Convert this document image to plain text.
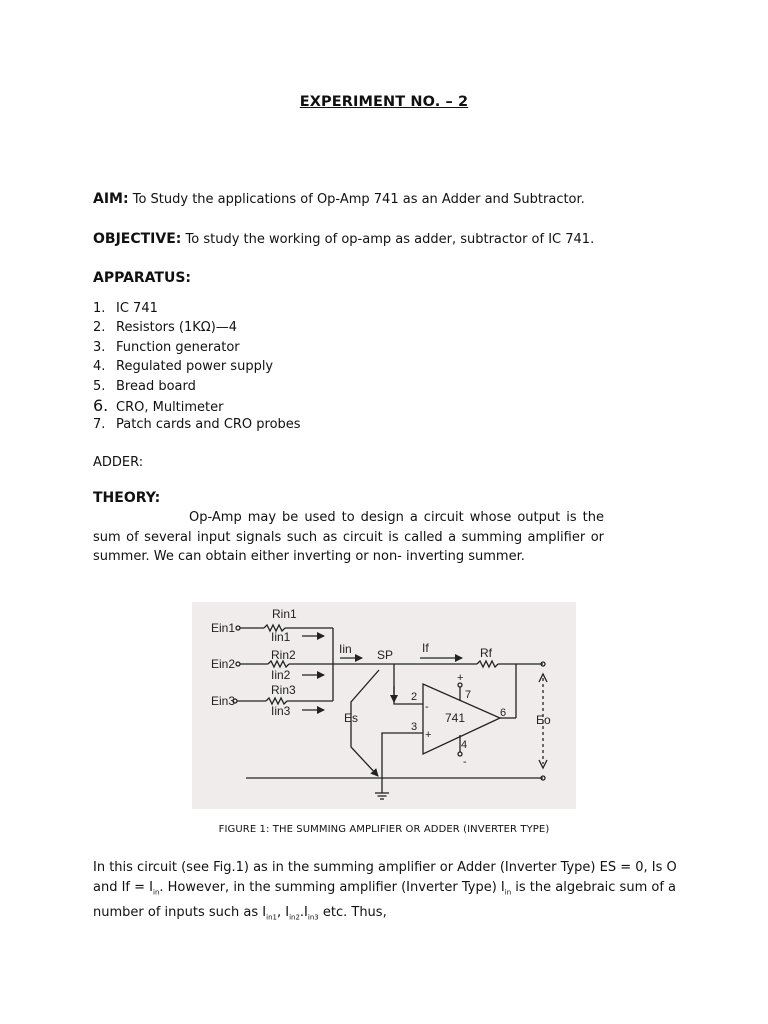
EXPERIMENT NO. – 2
AIM: To Study the applications of Op-Amp 741 as an Adder and Subtractor.
OBJECTIVE: To study the working of op-amp as adder, subtractor of IC 741.
APPARATUS:
1. IC 741
2. Resistors (1KΩ)—4
3. Function generator
4. Regulated power supply
5. Bread board
6. CRO, Multimeter
7. Patch cards and CRO probes
ADDER:
THEORY:

Op-Amp may be used to design a circuit whose output is the sum of several input signals such as circuit is called a summing amplifier or summer. We can obtain either inverting or non- inverting summer.

Ein1
Ein2
Ein3
Rin1
Iin1
Rin2
Iin2
Rin3
Iin3
Iin SP If	Rf
Es	Eo
741
2
3
7
4
6
-
+
+
-
FIGURE 1: THE SUMMING AMPLIFIER OR ADDER (INVERTER TYPE)

In this circuit (see Fig.1) as in the summing amplifier or Adder (Inverter Type) ES = 0, Is O and $If = I_{in}$. However, in the summing amplifier (Inverter Type) $I_{in}$ is the algebraic sum of a number of inputs such as $I_{in1}$, $I_{in2}.I_{in3}$ etc. Thus,
